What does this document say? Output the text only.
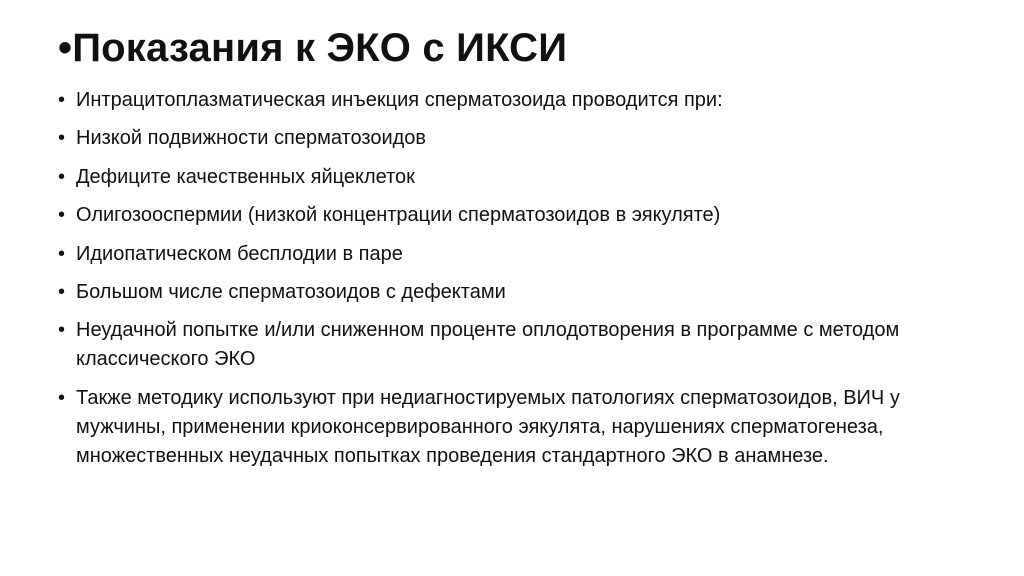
•Показания к ЭКО с ИКСИ
• Интрацитоплазматическая инъекция сперматозоида проводится при:
• Низкой подвижности сперматозоидов
• Дефиците качественных яйцеклеток
• Олигозооспермии (низкой концентрации сперматозоидов в эякуляте)
• Идиопатическом бесплодии в паре
• Большом числе сперматозоидов с дефектами
• Неудачной попытке и/или сниженном проценте оплодотворения в программе с методом классического ЭКО
• Также методику используют при недиагностируемых патологиях сперматозоидов, ВИЧ у мужчины, применении криоконсервированного эякулята, нарушениях сперматогенеза, множественных неудачных попытках проведения стандартного ЭКО в анамнезе.
